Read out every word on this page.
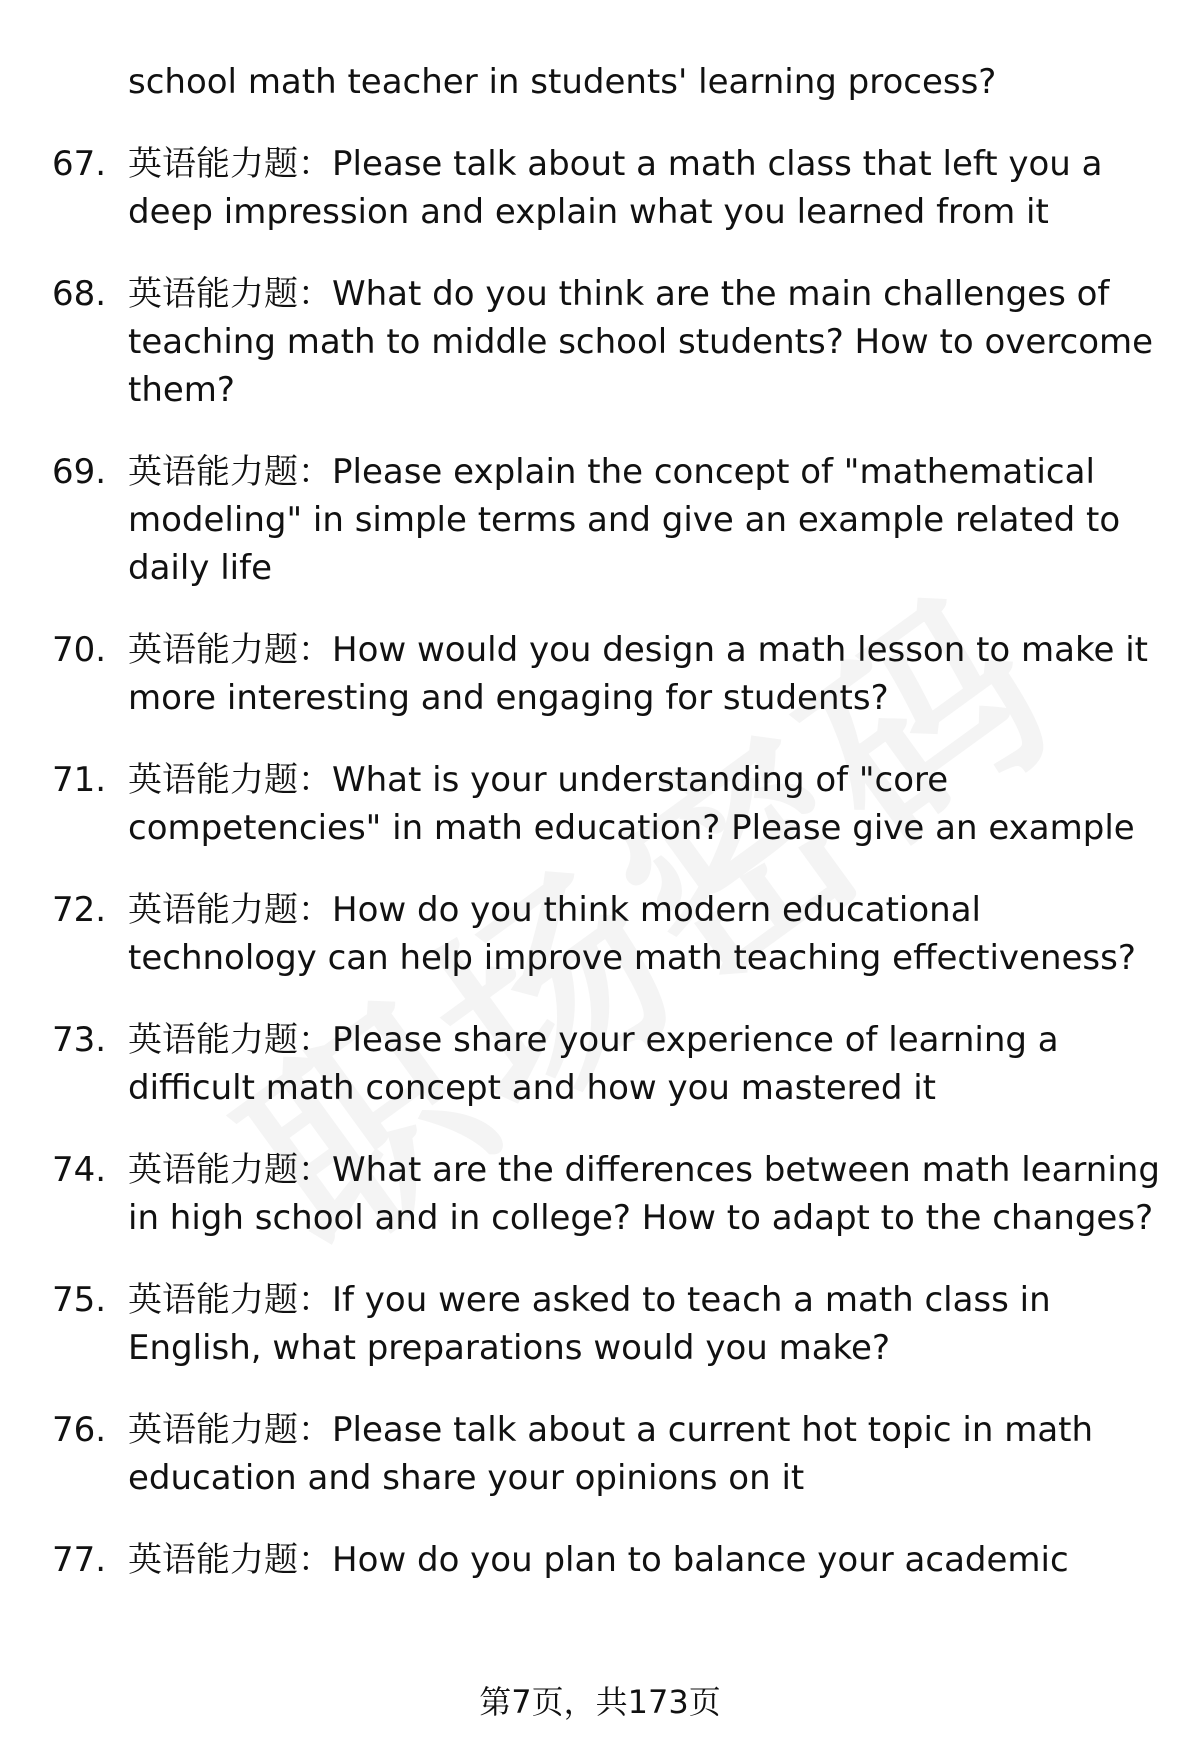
school math teacher in students' learning process?
67. 英语能力题：Please talk about a math class that left you a deep impression and explain what you learned from it
68. 英语能力题：What do you think are the main challenges of teaching math to middle school students? How to overcome them?
69. 英语能力题：Please explain the concept of "mathematical modeling" in simple terms and give an example related to daily life
70. 英语能力题：How would you design a math lesson to make it more interesting and engaging for students?
71. 英语能力题：What is your understanding of "core competencies" in math education? Please give an example
72. 英语能力题：How do you think modern educational technology can help improve math teaching effectiveness?
73. 英语能力题：Please share your experience of learning a difficult math concept and how you mastered it
74. 英语能力题：What are the differences between math learning in high school and in college? How to adapt to the changes?
75. 英语能力题：If you were asked to teach a math class in English, what preparations would you make?
76. 英语能力题：Please talk about a current hot topic in math education and share your opinions on it
77. 英语能力题：How do you plan to balance your academic
第7页，共173页
